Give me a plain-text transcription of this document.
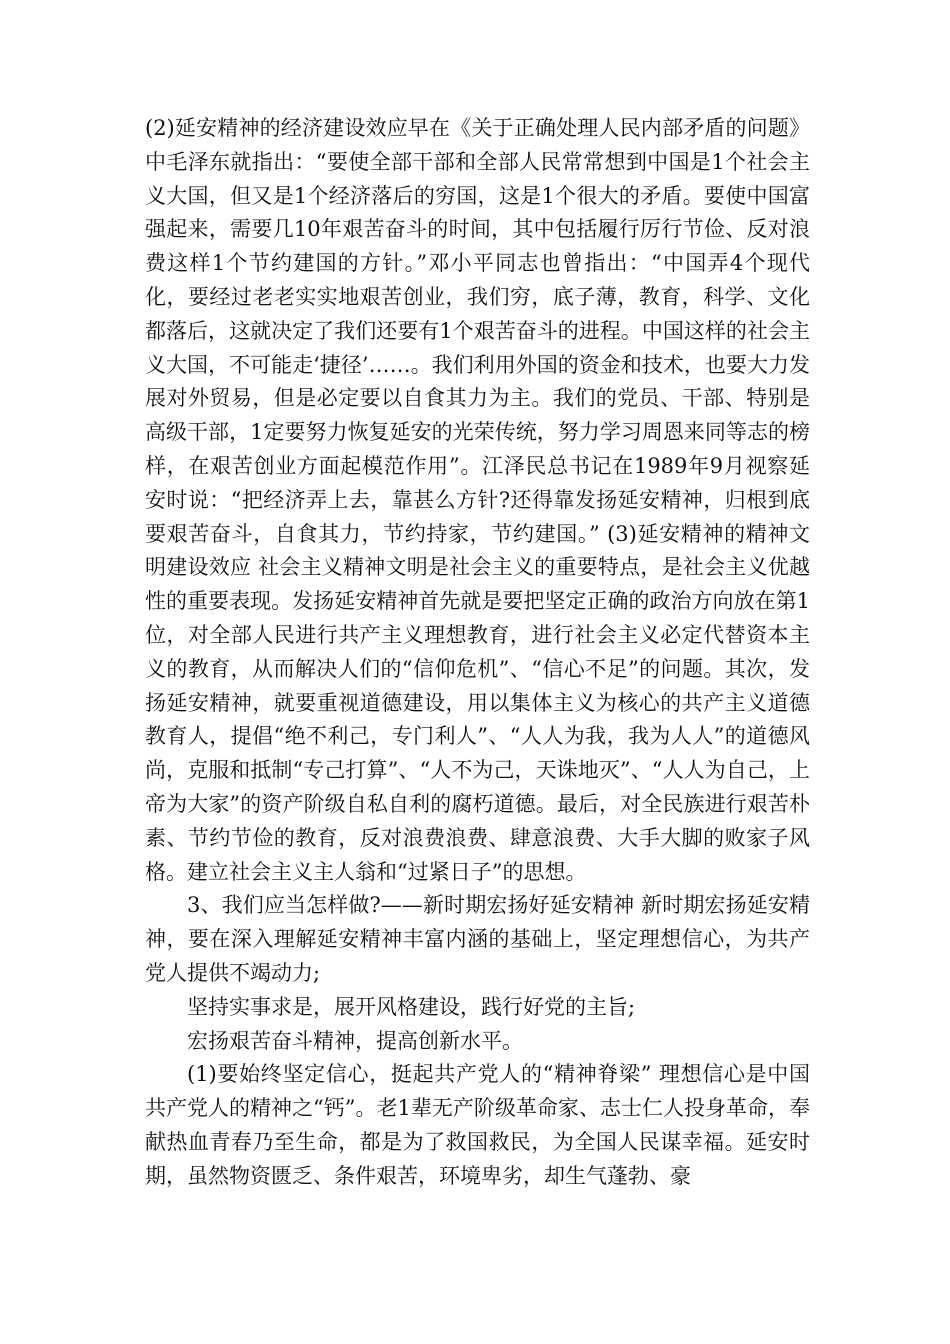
(2)延安精神的经济建设效应早在《关于正确处理人民内部矛盾的问题》中毛泽东就指出：“要使全部干部和全部人民常常想到中国是1个社会主义大国，但又是1个经济落后的穷国，这是1个很大的矛盾。要使中国富强起来，需要几10年艰苦奋斗的时间，其中包括履行厉行节俭、反对浪费这样1个节约建国的方针。”邓小平同志也曾指出：“中国弄4个现代化，要经过老老实实地艰苦创业，我们穷，底子薄，教育，科学、文化都落后，这就决定了我们还要有1个艰苦奋斗的进程。中国这样的社会主义大国，不可能走‘捷径’……。我们利用外国的资金和技术，也要大力发展对外贸易，但是必定要以自食其力为主。我们的党员、干部、特别是高级干部，1定要努力恢复延安的光荣传统，努力学习周恩来同等志的榜样，在艰苦创业方面起模范作用”。江泽民总书记在1989年9月视察延安时说：“把经济弄上去，靠甚么方针?还得靠发扬延安精神，归根到底要艰苦奋斗，自食其力，节约持家，节约建国。” (3)延安精神的精神文明建设效应 社会主义精神文明是社会主义的重要特点，是社会主义优越性的重要表现。发扬延安精神首先就是要把坚定正确的政治方向放在第1位，对全部人民进行共产主义理想教育，进行社会主义必定代替资本主义的教育，从而解决人们的“信仰危机”、“信心不足”的问题。其次，发扬延安精神，就要重视道德建设，用以集体主义为核心的共产主义道德教育人，提倡“绝不利己，专门利人”、“人人为我，我为人人”的道德风尚，克服和抵制“专己打算”、“人不为己，天诛地灭”、“人人为自己，上帝为大家”的资产阶级自私自利的腐朽道德。最后，对全民族进行艰苦朴素、节约节俭的教育，反对浪费浪费、肆意浪费、大手大脚的败家子风格。建立社会主义主人翁和“过紧日子”的思想。

3、我们应当怎样做?——新时期宏扬好延安精神 新时期宏扬延安精神，要在深入理解延安精神丰富内涵的基础上，坚定理想信心，为共产党人提供不竭动力;

坚持实事求是，展开风格建设，践行好党的主旨;

宏扬艰苦奋斗精神，提高创新水平。

(1)要始终坚定信心，挺起共产党人的“精神脊梁” 理想信心是中国共产党人的精神之“钙”。老1辈无产阶级革命家、志士仁人投身革命，奉献热血青春乃至生命，都是为了救国救民，为全国人民谋幸福。延安时期，虽然物资匮乏、条件艰苦，环境卑劣，却生气蓬勃、豪
